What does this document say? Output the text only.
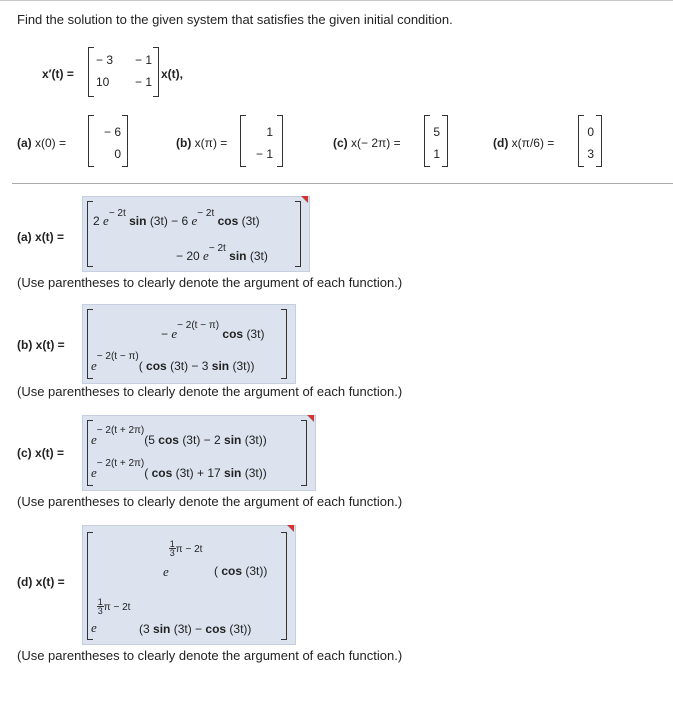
Find the solution to the given system that satisfies the given initial condition.
x′(t) =
− 3 − 1
10 − 1
x(t),
(a) x(0) =
− 6
0
(b) x(π) =
1
− 1
(c) x(− 2π) =
5
1
(d) x(π/6) =
0
3
(a) x(t) =
2 $e^{- 2t}$ sin (3t) − 6 $e^{- 2t}$ cos (3t)
− 20 $e^{- 2t}$ sin (3t)
(Use parentheses to clearly denote the argument of each function.)
(b) x(t) =
− $e^{- 2(t - \pi)}$ cos (3t)
$e^{- 2(t - \pi)}$( cos (3t) − 3 sin (3t))
(Use parentheses to clearly denote the argument of each function.)
(c) x(t) =
$e^{- 2(t + 2\pi)}(5$ cos (3t) − 2 sin (3t))
$e^{- 2(t + 2\pi)}$( cos (3t) + 17 sin (3t))
(Use parentheses to clearly denote the argument of each function.)
(d) x(t) =
e
$\frac{1}{3} _{\pi - 2t}$
( cos (3t))
e
$\frac{1}{3}$ π − 2t
(3 sin (3t) − cos (3t))
(Use parentheses to clearly denote the argument of each function.)
